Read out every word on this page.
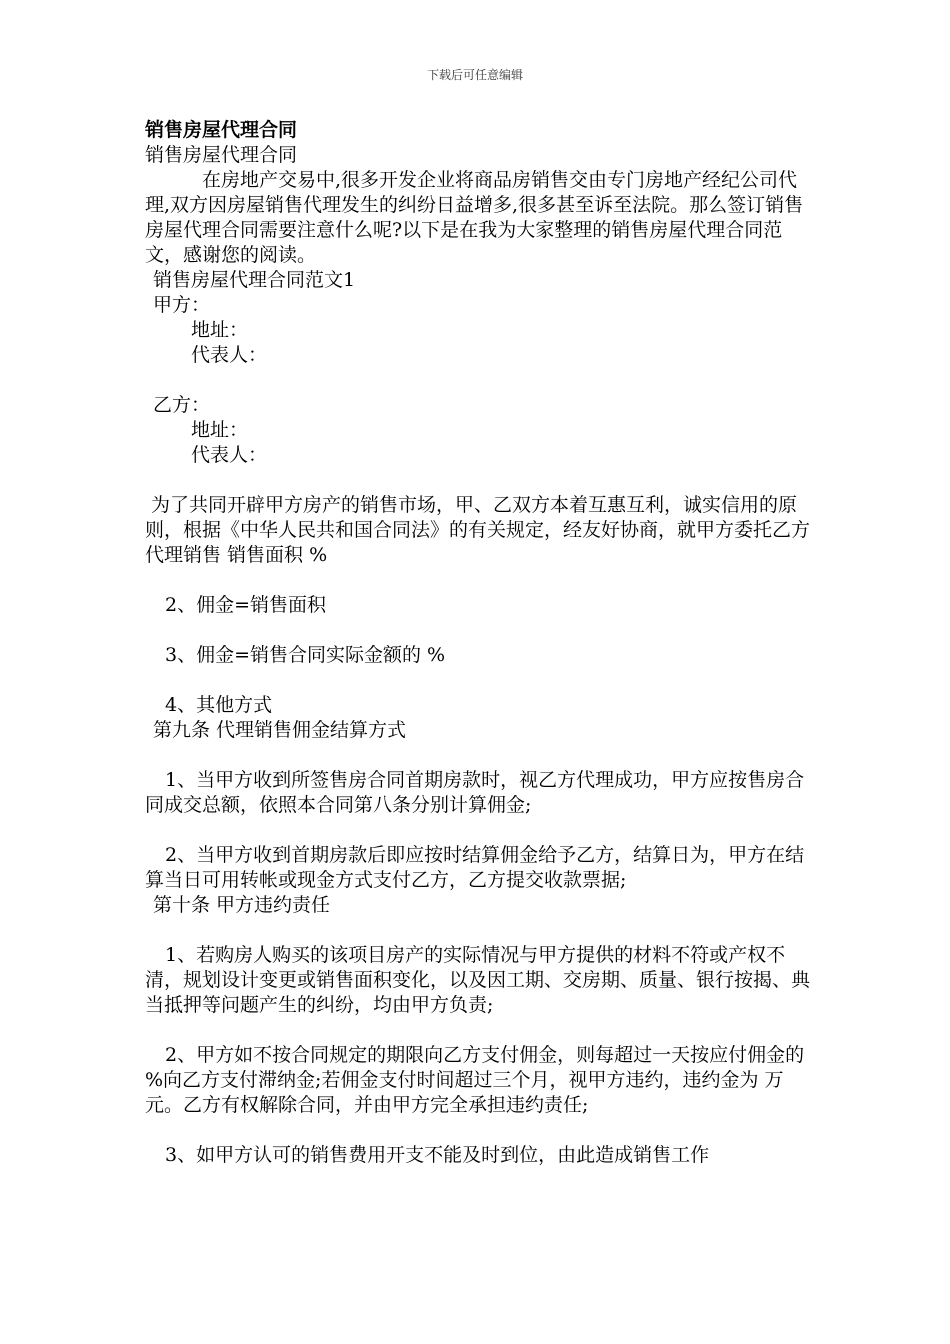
下载后可任意编辑
销售房屋代理合同
销售房屋代理合同
在房地产交易中,很多开发企业将商品房销售交由专门房地产经纪公司代理,双方因房屋销售代理发生的纠纷日益增多,很多甚至诉至法院。那么签订销售房屋代理合同需要注意什么呢?以下是在我为大家整理的销售房屋代理合同范文，感谢您的阅读。
销售房屋代理合同范文1
甲方：
地址：
代表人：
乙方：
地址：
代表人：
为了共同开辟甲方房产的销售市场，甲、乙双方本着互惠互利，诚实信用的原则，根据《中华人民共和国合同法》的有关规定，经友好协商，就甲方委托乙方代理销售 销售面积 %
2、佣金=销售面积
3、佣金=销售合同实际金额的 %
4、其他方式
第九条 代理销售佣金结算方式
1、当甲方收到所签售房合同首期房款时，视乙方代理成功，甲方应按售房合同成交总额，依照本合同第八条分别计算佣金;
2、当甲方收到首期房款后即应按时结算佣金给予乙方，结算日为，甲方在结算当日可用转帐或现金方式支付乙方，乙方提交收款票据;
第十条 甲方违约责任
1、若购房人购买的该项目房产的实际情况与甲方提供的材料不符或产权不清，规划设计变更或销售面积变化，以及因工期、交房期、质量、银行按揭、典当抵押等问题产生的纠纷，均由甲方负责;
2、甲方如不按合同规定的期限向乙方支付佣金，则每超过一天按应付佣金的 %向乙方支付滞纳金;若佣金支付时间超过三个月，视甲方违约，违约金为 万元。乙方有权解除合同，并由甲方完全承担违约责任;
3、如甲方认可的销售费用开支不能及时到位，由此造成销售工作
